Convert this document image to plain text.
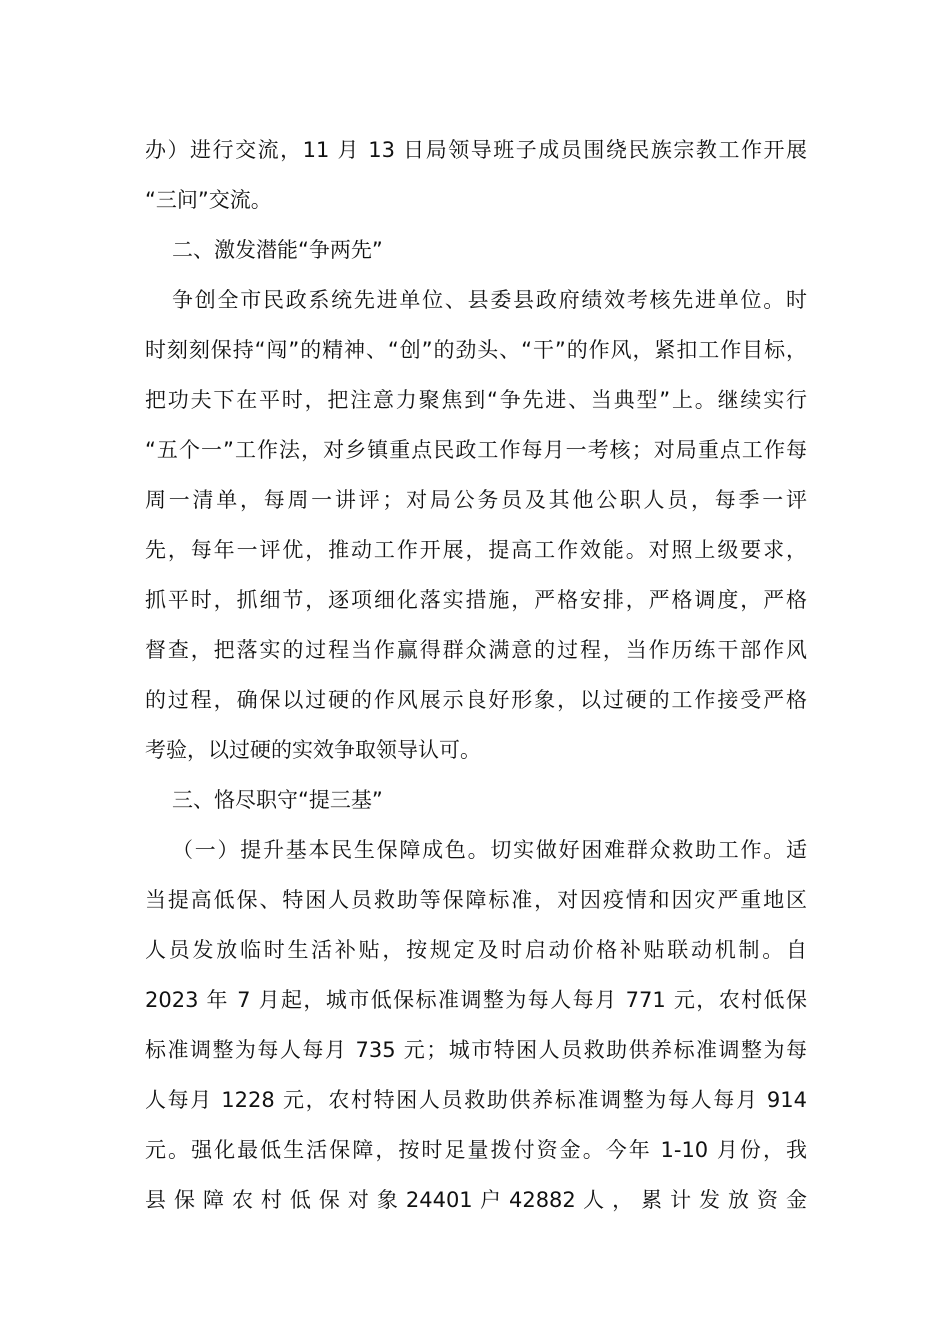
办）进行交流，11 月 13 日局领导班子成员围绕民族宗教工作开展
“三问”交流。
二、激发潜能“争两先”
争创全市民政系统先进单位、县委县政府绩效考核先进单位。时
时刻刻保持“闯”的精神、“创”的劲头、“干”的作风，紧扣工作目标，
把功夫下在平时，把注意力聚焦到“争先进、当典型”上。继续实行
“五个一”工作法，对乡镇重点民政工作每月一考核；对局重点工作每
周一清单，每周一讲评；对局公务员及其他公职人员，每季一评
先，每年一评优，推动工作开展，提高工作效能。对照上级要求，
抓平时，抓细节，逐项细化落实措施，严格安排，严格调度，严格
督查，把落实的过程当作赢得群众满意的过程，当作历练干部作风
的过程，确保以过硬的作风展示良好形象，以过硬的工作接受严格
考验，以过硬的实效争取领导认可。
三、恪尽职守“提三基”
（一）提升基本民生保障成色。切实做好困难群众救助工作。适
当提高低保、特困人员救助等保障标准，对因疫情和因灾严重地区
人员发放临时生活补贴，按规定及时启动价格补贴联动机制。自
2023 年 7 月起，城市低保标准调整为每人每月 771 元，农村低保
标准调整为每人每月 735 元；城市特困人员救助供养标准调整为每
人每月 1228 元，农村特困人员救助供养标准调整为每人每月 914
元。强化最低生活保障，按时足量拨付资金。今年 1-10 月份，我
县 保 障 农 村 低 保 对 象 24401 户 42882 人 ， 累 计 发 放 资 金
